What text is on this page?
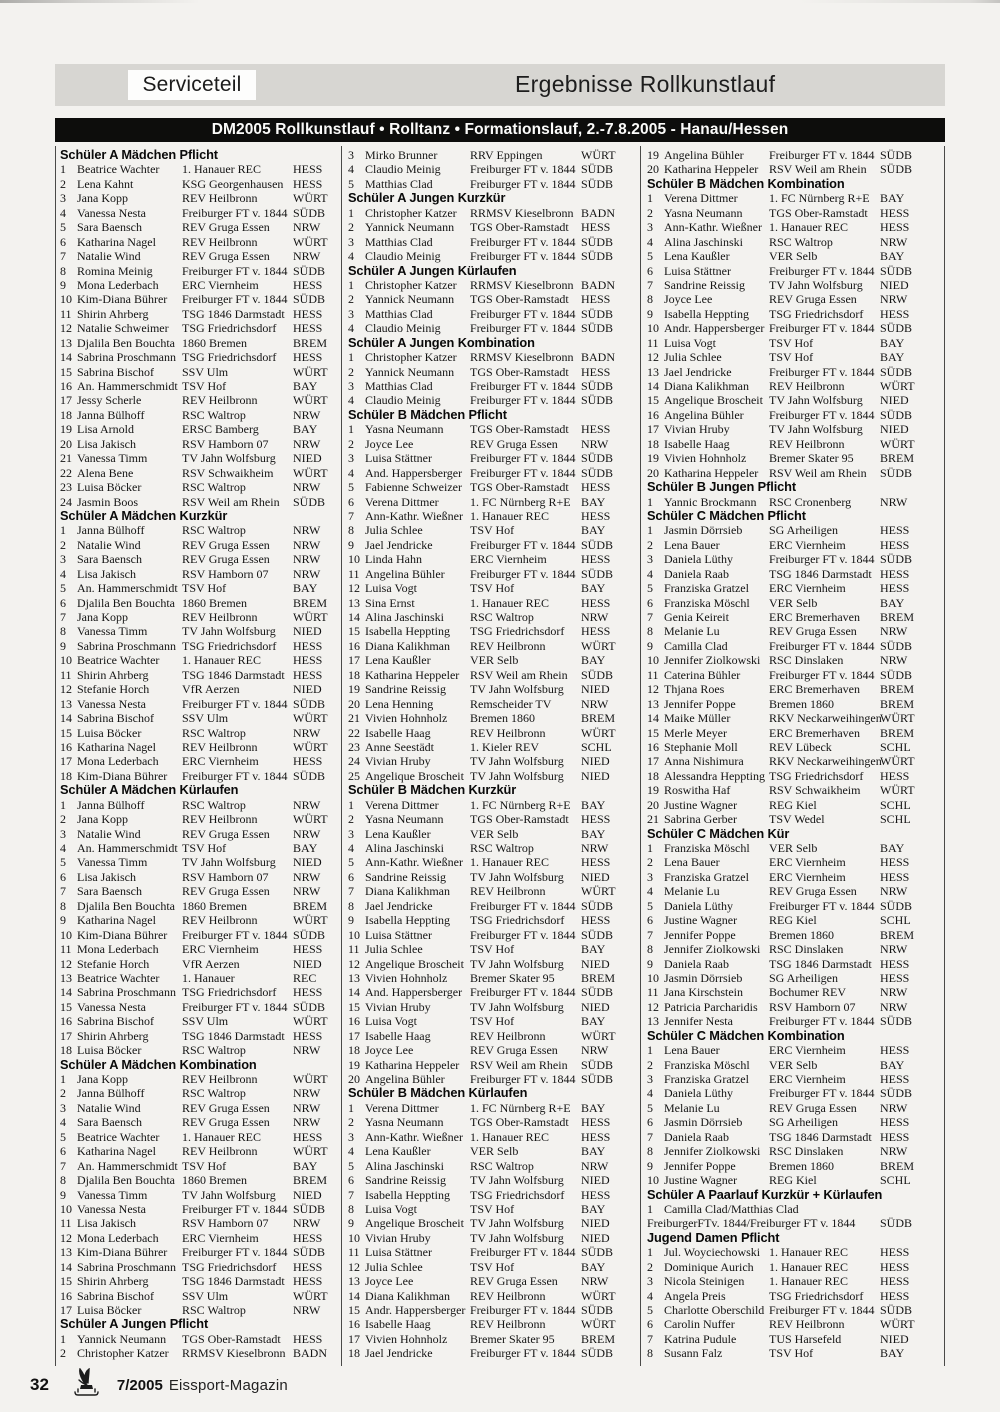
Serviceteil	Ergebnisse Rollkunstlauf
DM2005 Rollkunstlauf • Rolltanz • Formationslauf, 2.-7.8.2005 - Hanau/Hessen
Schüler A Mädchen Pflicht
1 Beatrice Wachter	1. Hanauer REC	HESS
2 Lena Kahnt	KSG Georgenhausen HESS
3 Jana Kopp	REV Heilbronn	WÜRT
4 Vanessa Nesta	Freiburger FT v. 1844 SÜDB
5 Sara Baensch	REV Gruga Essen	NRW
6 Katharina Nagel	REV Heilbronn	WÜRT
7 Natalie Wind	REV Gruga Essen	NRW
8 Romina Meinig	Freiburger FT v. 1844 SÜDB
9 Mona Lederbach	ERC Viernheim	HESS
10 Kim-Diana Bührer	Freiburger FT v. 1844 SÜDB
11 Shirin Ahrberg	TSG 1846 Darmstadt HESS
12 Natalie Schweimer	TSG Friedrichsdorf	HESS
13 Djalila Ben Bouchta 1860 Bremen	BREM
14 Sabrina Proschmann TSG Friedrichsdorf	HESS
15 Sabrina Bischof	SSV Ulm	WÜRT
16 An. Hammerschmidt TSV Hof	BAY
17 Jessy Scherle	REV Heilbronn	WÜRT
18 Janna Bülhoff	RSC Waltrop	NRW
19 Lisa Arnold	ERSC Bamberg	BAY
20 Lisa Jakisch	RSV Hamborn 07	NRW
21 Vanessa Timm	TV Jahn Wolfsburg	NIED
22 Alena Bene	RSV Schwaikheim	WÜRT
23 Luisa Böcker	RSC Waltrop	NRW
24 Jasmin Boos	RSV Weil am Rhein	SÜDB
Schüler A Mädchen Kurzkür
1 Janna Bülhoff	RSC Waltrop	NRW
2 Natalie Wind	REV Gruga Essen	NRW
3 Sara Baensch	REV Gruga Essen	NRW
4 Lisa Jakisch	RSV Hamborn 07	NRW
5 An. Hammerschmidt TSV Hof	BAY
6 Djalila Ben Bouchta 1860 Bremen	BREM
7 Jana Kopp	REV Heilbronn	WÜRT
8 Vanessa Timm	TV Jahn Wolfsburg	NIED
9 Sabrina Proschmann TSG Friedrichsdorf	HESS
10 Beatrice Wachter	1. Hanauer REC	HESS
11 Shirin Ahrberg	TSG 1846 Darmstadt HESS
12 Stefanie Horch	VfR Aerzen	NIED
13 Vanessa Nesta	Freiburger FT v. 1844 SÜDB
14 Sabrina Bischof	SSV Ulm	WÜRT
15 Luisa Böcker	RSC Waltrop	NRW
16 Katharina Nagel	REV Heilbronn	WÜRT
17 Mona Lederbach	ERC Viernheim	HESS
18 Kim-Diana Bührer	Freiburger FT v. 1844 SÜDB
Schüler A Mädchen Kürlaufen
1 Janna Bülhoff	RSC Waltrop	NRW
2 Jana Kopp	REV Heilbronn	WÜRT
3 Natalie Wind	REV Gruga Essen	NRW
4 An. Hammerschmidt TSV Hof	BAY
5 Vanessa Timm	TV Jahn Wolfsburg	NIED
6 Lisa Jakisch	RSV Hamborn 07	NRW
7 Sara Baensch	REV Gruga Essen	NRW
8 Djalila Ben Bouchta 1860 Bremen	BREM
9 Katharina Nagel	REV Heilbronn	WÜRT
10 Kim-Diana Bührer	Freiburger FT v. 1844 SÜDB
11 Mona Lederbach	ERC Viernheim	HESS
12 Stefanie Horch	VfR Aerzen	NIED
13 Beatrice Wachter	1. Hanauer	REC
14 Sabrina Proschmann TSG Friedrichsdorf	HESS
15 Vanessa Nesta	Freiburger FT v. 1844 SÜDB
16 Sabrina Bischof	SSV Ulm	WÜRT
17 Shirin Ahrberg	TSG 1846 Darmstadt HESS
18 Luisa Böcker	RSC Waltrop	NRW
Schüler A Mädchen Kombination
1 Jana Kopp	REV Heilbronn	WÜRT
2 Janna Bülhoff	RSC Waltrop	NRW
3 Natalie Wind	REV Gruga Essen	NRW
4 Sara Baensch	REV Gruga Essen	NRW
5 Beatrice Wachter	1. Hanauer REC	HESS
6 Katharina Nagel	REV Heilbronn	WÜRT
7 An. Hammerschmidt TSV Hof	BAY
8 Djalila Ben Bouchta 1860 Bremen	BREM
9 Vanessa Timm	TV Jahn Wolfsburg	NIED
10 Vanessa Nesta	Freiburger FT v. 1844 SÜDB
11 Lisa Jakisch	RSV Hamborn 07	NRW
12 Mona Lederbach	ERC Viernheim	HESS
13 Kim-Diana Bührer	Freiburger FT v. 1844 SÜDB
14 Sabrina Proschmann TSG Friedrichsdorf	HESS
15 Shirin Ahrberg	TSG 1846 Darmstadt HESS
16 Sabrina Bischof	SSV Ulm	WÜRT
17 Luisa Böcker	RSC Waltrop	NRW
Schüler A Jungen Pflicht
1 Yannick Neumann	TGS Ober-Ramstadt	HESS
2 Christopher Katzer	RRMSV Kieselbronn BADN
3 Mirko Brunner	RRV Eppingen	WÜRT
4 Claudio Meinig	Freiburger FT v. 1844 SÜDB
5 Matthias Clad	Freiburger FT v. 1844 SÜDB
Schüler A Jungen Kurzkür
1 Christopher Katzer	RRMSV Kieselbronn BADN
2 Yannick Neumann	TGS Ober-Ramstadt	HESS
3 Matthias Clad	Freiburger FT v. 1844 SÜDB
4 Claudio Meinig	Freiburger FT v. 1844 SÜDB
Schüler A Jungen Kürlaufen
1 Christopher Katzer	RRMSV Kieselbronn BADN
2 Yannick Neumann	TGS Ober-Ramstadt	HESS
3 Matthias Clad	Freiburger FT v. 1844 SÜDB
4 Claudio Meinig	Freiburger FT v. 1844 SÜDB
Schüler A Jungen Kombination
1 Christopher Katzer	RRMSV Kieselbronn BADN
2 Yannick Neumann	TGS Ober-Ramstadt	HESS
3 Matthias Clad	Freiburger FT v. 1844 SÜDB
4 Claudio Meinig	Freiburger FT v. 1844 SÜDB
Schüler B Mädchen Pflicht
1 Yasna Neumann	TGS Ober-Ramstadt	HESS
2 Joyce Lee	REV Gruga Essen	NRW
3 Luisa Stättner	Freiburger FT v. 1844 SÜDB
4 And. Happersberger Freiburger FT v. 1844 SÜDB
5 Fabienne Schweizer TGS Ober-Ramstadt	HESS
6 Verena Dittmer	1. FC Nürnberg R+E BAY
7 Ann-Kathr. Wießner 1. Hanauer REC	HESS
8 Julia Schlee	TSV Hof	BAY
9 Jael Jendricke	Freiburger FT v. 1844 SÜDB
10 Linda Hahn	ERC Viernheim	HESS
11 Angelina Bühler	Freiburger FT v. 1844 SÜDB
12 Luisa Vogt	TSV Hof	BAY
13 Sina Ernst	1. Hanauer REC	HESS
14 Alina Jaschinski	RSC Waltrop	NRW
15 Isabella Heppting	TSG Friedrichsdorf	HESS
16 Diana Kalikhman	REV Heilbronn	WÜRT
17 Lena Kaußler	VER Selb	BAY
18 Katharina Heppeler RSV Weil am Rhein	SÜDB
19 Sandrine Reissig	TV Jahn Wolfsburg	NIED
20 Lena Henning	Remscheider TV	NRW
21 Vivien Hohnholz	Bremen 1860	BREM
22 Isabelle Haag	REV Heilbronn	WÜRT
23 Anne Seestädt	1. Kieler REV	SCHL
24 Vivian Hruby	TV Jahn Wolfsburg	NIED
25 Angelique Broscheit TV Jahn Wolfsburg	NIED
Schüler B Mädchen Kurzkür
1 Verena Dittmer	1. FC Nürnberg R+E BAY
2 Yasna Neumann	TGS Ober-Ramstadt	HESS
3 Lena Kaußler	VER Selb	BAY
4 Alina Jaschinski	RSC Waltrop	NRW
5 Ann-Kathr. Wießner 1. Hanauer REC	HESS
6 Sandrine Reissig	TV Jahn Wolfsburg	NIED
7 Diana Kalikhman	REV Heilbronn	WÜRT
8 Jael Jendricke	Freiburger FT v. 1844 SÜDB
9 Isabella Heppting	TSG Friedrichsdorf	HESS
10 Luisa Stättner	Freiburger FT v. 1844 SÜDB
11 Julia Schlee	TSV Hof	BAY
12 Angelique Broscheit TV Jahn Wolfsburg	NIED
13 Vivien Hohnholz	Bremer Skater 95	BREM
14 And. Happersberger Freiburger FT v. 1844 SÜDB
15 Vivian Hruby	TV Jahn Wolfsburg	NIED
16 Luisa Vogt	TSV Hof	BAY
17 Isabelle Haag	REV Heilbronn	WÜRT
18 Joyce Lee	REV Gruga Essen	NRW
19 Katharina Heppeler RSV Weil am Rhein	SÜDB
20 Angelina Bühler	Freiburger FT v. 1844 SÜDB
Schüler B Mädchen Kürlaufen
1 Verena Dittmer	1. FC Nürnberg R+E BAY
2 Yasna Neumann	TGS Ober-Ramstadt	HESS
3 Ann-Kathr. Wießner 1. Hanauer REC	HESS
4 Lena Kaußler	VER Selb	BAY
5 Alina Jaschinski	RSC Waltrop	NRW
6 Sandrine Reissig	TV Jahn Wolfsburg	NIED
7 Isabella Heppting	TSG Friedrichsdorf	HESS
8 Luisa Vogt	TSV Hof	BAY
9 Angelique Broscheit TV Jahn Wolfsburg	NIED
10 Vivian Hruby	TV Jahn Wolfsburg	NIED
11 Luisa Stättner	Freiburger FT v. 1844 SÜDB
12 Julia Schlee	TSV Hof	BAY
13 Joyce Lee	REV Gruga Essen	NRW
14 Diana Kalikhman	REV Heilbronn	WÜRT
15 Andr. Happersberger Freiburger FT v. 1844 SÜDB
16 Isabelle Haag	REV Heilbronn	WÜRT
17 Vivien Hohnholz	Bremer Skater 95	BREM
18 Jael Jendricke	Freiburger FT v. 1844 SÜDB
19 Angelina Bühler	Freiburger FT v. 1844 SÜDB
20 Katharina Heppeler RSV Weil am Rhein	SÜDB
Schüler B Mädchen Kombination
1 Verena Dittmer	1. FC Nürnberg R+E BAY
2 Yasna Neumann	TGS Ober-Ramstadt	HESS
3 Ann-Kathr. Wießner 1. Hanauer REC	HESS
4 Alina Jaschinski	RSC Waltrop	NRW
5 Lena Kaußler	VER Selb	BAY
6 Luisa Stättner	Freiburger FT v. 1844 SÜDB
7 Sandrine Reissig	TV Jahn Wolfsburg	NIED
8 Joyce Lee	REV Gruga Essen	NRW
9 Isabella Heppting	TSG Friedrichsdorf	HESS
10 Andr. Happersberger Freiburger FT v. 1844 SÜDB
11 Luisa Vogt	TSV Hof	BAY
12 Julia Schlee	TSV Hof	BAY
13 Jael Jendricke	Freiburger FT v. 1844 SÜDB
14 Diana Kalikhman	REV Heilbronn	WÜRT
15 Angelique Broscheit TV Jahn Wolfsburg	NIED
16 Angelina Bühler	Freiburger FT v. 1844 SÜDB
17 Vivian Hruby	TV Jahn Wolfsburg	NIED
18 Isabelle Haag	REV Heilbronn	WÜRT
19 Vivien Hohnholz	Bremer Skater 95	BREM
20 Katharina Heppeler RSV Weil am Rhein	SÜDB
Schüler B Jungen Pflicht
1 Yannic Brockmann	RSC Cronenberg	NRW
Schüler C Mädchen Pflicht
1 Jasmin Dörrsieb	SG Arheiligen	HESS
2 Lena Bauer	ERC Viernheim	HESS
3 Daniela Lüthy	Freiburger FT v. 1844 SÜDB
4 Daniela Raab	TSG 1846 Darmstadt HESS
5 Franziska Gratzel	ERC Viernheim	HESS
6 Franziska Möschl	VER Selb	BAY
7 Genia Keireit	ERC Bremerhaven	BREM
8 Melanie Lu	REV Gruga Essen	NRW
9 Camilla Clad	Freiburger FT v. 1844 SÜDB
10 Jennifer Ziolkowski RSC Dinslaken	NRW
11 Caterina Bühler	Freiburger FT v. 1844 SÜDB
12 Thjana Roes	ERC Bremerhaven	BREM
13 Jennifer Poppe	Bremen 1860	BREM
14 Maike Müller	RKV Neckarweihingen
WÜRT
15 Merle Meyer	ERC Bremerhaven	BREM
16 Stephanie Moll	REV Lübeck	SCHL
17 Anna Nishimura	RKV Neckarweihingen
WÜRT
18 Alessandra Heppting TSG Friedrichsdorf	HESS
19 Roswitha Haf	RSV Schwaikheim	WÜRT
20 Justine Wagner	REG Kiel	SCHL
21 Sabrina Gerber	TSV Wedel	SCHL
Schüler C Mädchen Kür
1 Franziska Möschl	VER Selb	BAY
2 Lena Bauer	ERC Viernheim	HESS
3 Franziska Gratzel	ERC Viernheim	HESS
4 Melanie Lu	REV Gruga Essen	NRW
5 Daniela Lüthy	Freiburger FT v. 1844 SÜDB
6 Justine Wagner	REG Kiel	SCHL
7 Jennifer Poppe	Bremen 1860	BREM
8 Jennifer Ziolkowski RSC Dinslaken	NRW
9 Daniela Raab	TSG 1846 Darmstadt HESS
10 Jasmin Dörrsieb	SG Arheiligen	HESS
11 Jana Kirschstein	Bochumer REV	NRW
12 Patricia Parcharidis RSV Hamborn 07	NRW
13 Jennifer Nesta	Freiburger FT v. 1844 SÜDB
Schüler C Mädchen Kombination
1 Lena Bauer	ERC Viernheim	HESS
2 Franziska Möschl	VER Selb	BAY
3 Franziska Gratzel	ERC Viernheim	HESS
4 Daniela Lüthy	Freiburger FT v. 1844 SÜDB
5 Melanie Lu	REV Gruga Essen	NRW
6 Jasmin Dörrsieb	SG Arheiligen	HESS
7 Daniela Raab	TSG 1846 Darmstadt HESS
8 Jennifer Ziolkowski RSC Dinslaken	NRW
9 Jennifer Poppe	Bremen 1860	BREM
10 Justine Wagner	REG Kiel	SCHL
Schüler A Paarlauf Kurzkür + Kürlaufen
1 Camilla Clad/Matthias Clad
FreiburgerFTv. 1844/Freiburger FT v. 1844	SÜDB
Jugend Damen Pflicht
1 Jul. Woyciechowski 1. Hanauer REC	HESS
2 Dominique Aurich	1. Hanauer REC	HESS
3 Nicola Steinigen	1. Hanauer REC	HESS
4 Angela Preis	TSG Friedrichsdorf	HESS
5 Charlotte Oberschild Freiburger FT v. 1844 SÜDB
6 Carolin Nuffer	REV Heilbronn	WÜRT
7 Katrina Pudule	TUS Harsefeld	NIED
8 Susann Falz	TSV Hof	BAY
32	7/2005 Eissport-Magazin
